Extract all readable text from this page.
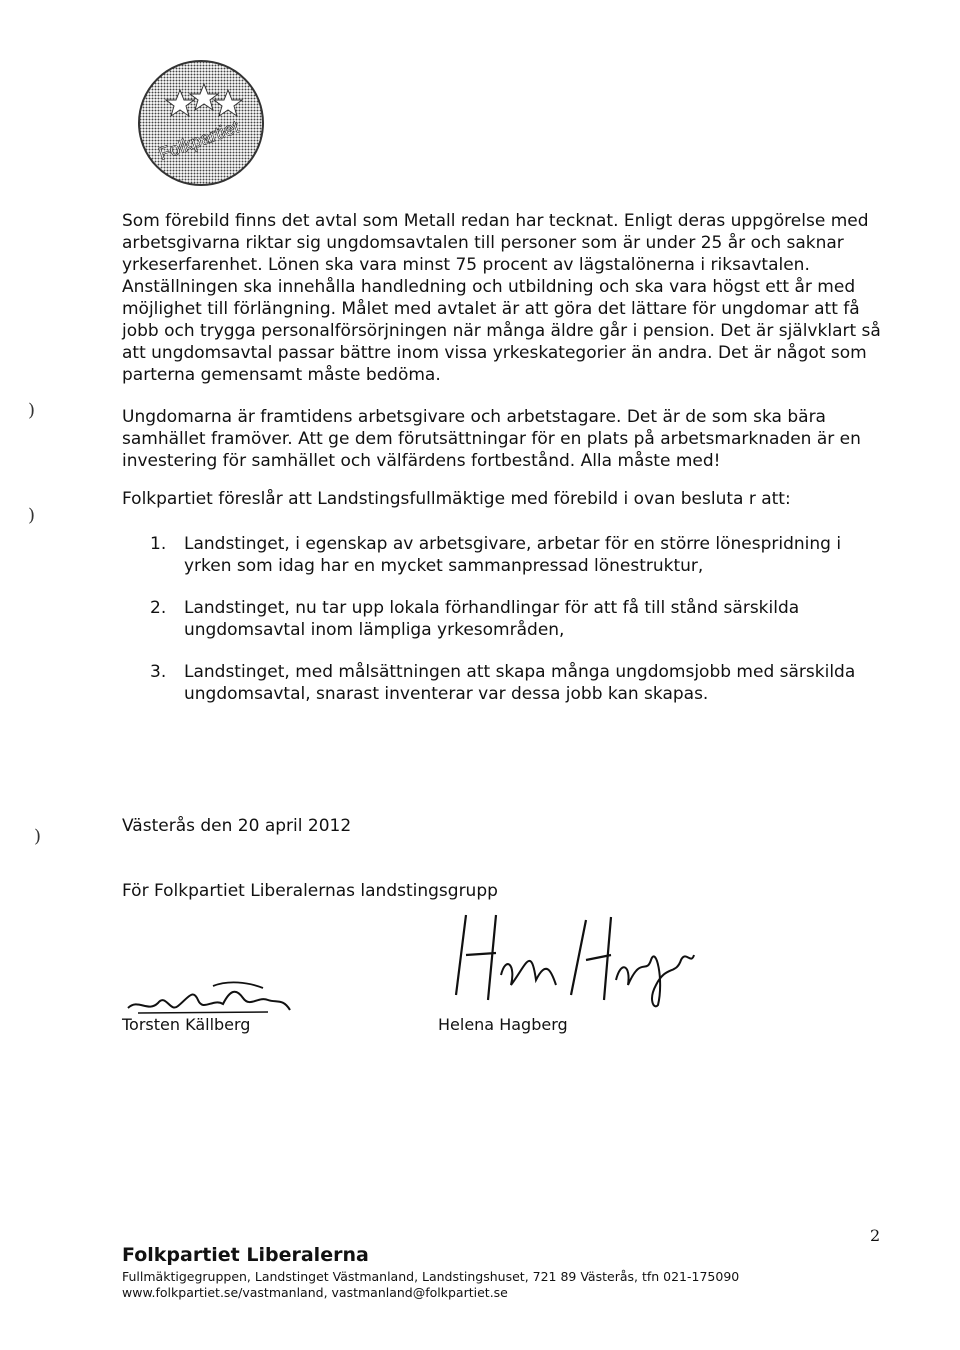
Folkpartiet

Som förebild finns det avtal som Metall redan har tecknat. Enligt deras uppgörelse med arbetsgivarna riktar sig ungdomsavtalen till personer som är under 25 år och saknar yrkeserfarenhet. Lönen ska vara minst 75 procent av lägstalönerna i riksavtalen. Anställningen ska innehålla handledning och utbildning och ska vara högst ett år med möjlighet till förlängning. Målet med avtalet är att göra det lättare för ungdomar att få jobb och trygga personalförsörjningen när många äldre går i pension. Det är självklart så att ungdomsavtal passar bättre inom vissa yrkeskategorier än andra. Det är något som parterna gemensamt måste bedöma.

Ungdomarna är framtidens arbetsgivare och arbetstagare. Det är de som ska bära samhället framöver. Att ge dem förutsättningar för en plats på arbetsmarknaden är en investering för samhället och välfärdens fortbestånd. Alla måste med!

Folkpartiet föreslår att Landstingsfullmäktige med förebild i ovan besluta r att:

1.	Landstinget, i egenskap av arbetsgivare, arbetar för en större lönespridning i yrken som idag har en mycket sammanpressad lönestruktur,
2.	Landstinget, nu tar upp lokala förhandlingar för att få till stånd särskilda ungdomsavtal inom lämpliga yrkesområden,
3.	Landstinget, med målsättningen att skapa många ungdomsjobb med särskilda ungdomsavtal, snarast inventerar var dessa jobb kan skapas.
Västerås den 20 april 2012
För Folkpartiet Liberalernas landstingsgrupp
Torsten Källberg	Helena Hagberg
2
Folkpartiet Liberalerna
Fullmäktigegruppen, Landstinget Västmanland, Landstingshuset, 721 89 Västerås, tfn 021-175090
www.folkpartiet.se/vastmanland, vastmanland@folkpartiet.se
)
)
)
